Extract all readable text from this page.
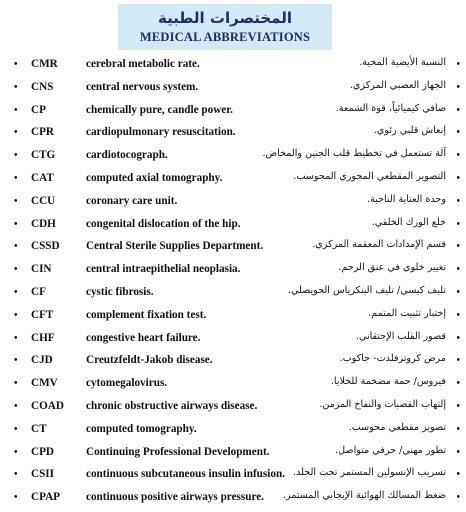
المختصرات الطبية
MEDICAL ABBREVIATIONS
• CMR	cerebral metabolic rate.	النسبة الأيضية المخية. •
• CNS	central nervous system.	الجهاز العصبي المركزي. •
• CP	chemically pure, candle power.	صافي كيميائياً، قوة الشمعة. •
• CPR	cardiopulmonary resuscitation.	إنعاش قلبي رئوي. •
• CTG	cardiotocograph.	آلة تستعمل في تخطيط قلب الجنين والمخاض. •
• CAT	computed axial tomography.	التصوير المقطعي المحوري المحوسب. •
• CCU	coronary care unit.	وحدة العناية التاجية. •
• CDH	congenital dislocation of the hip.	خلع الورك الخلقي. •
• CSSD Central Sterile Supplies Department.	قسم الإمدادات المعقمة المركزي. •
• CIN	central intraepithelial neoplasia.	تغيير خلوي في عنق الرحم. •
• CF	cystic fibrosis.	تليف كيسي/ تليف البنكرياس الحويصلي. •
• CFT	complement fixation test.	إختبار تثبيت المتمم. •
• CHF	congestive heart failure.	قصور القلب الإحتقاني. •
• CJD	Creutzfeldt-Jakob disease.	مرض كروتزفلدت- جاكوب. •
• CMV	cytomegalovirus.	فيروس/ حمة مضخمة للخلايا. •
• COAD chronic obstructive airways disease.	إلتهاب القصبات والنفاخ المزمن. •
• CT	computed tomography.	تصوير مقطعي محوسب. •
• CPD	Continuing Professional Development.	تطور مهني/ حرفي متواصل. •
• CSII	continuous subcutaneous insulin infusion. تسريب الإنسولين المستمر تحت الجلد. •
• CPAP continuous positive airways pressure. ضغط المسالك الهوائية الإيجابي المستمر. •
